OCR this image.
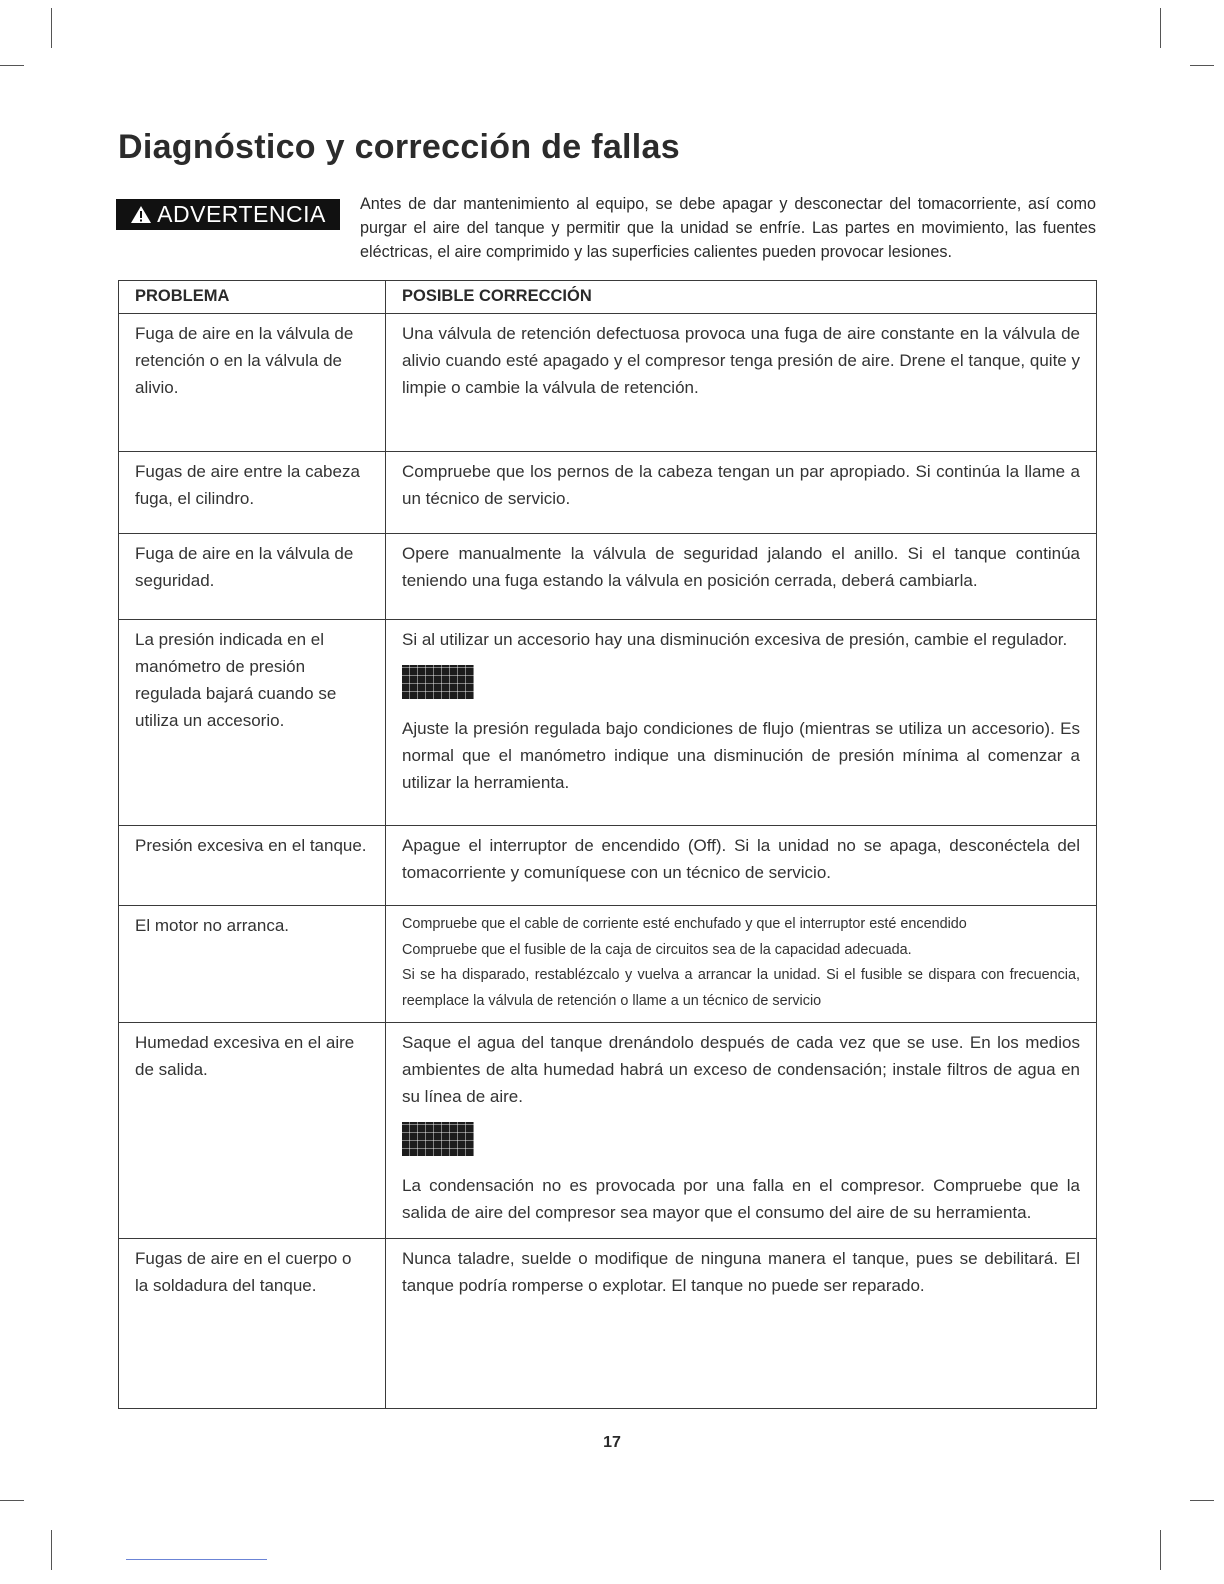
Diagnóstico y corrección de fallas
ADVERTENCIA Antes de dar mantenimiento al equipo, se debe apagar y desconectar del tomacorriente, así como purgar el aire del tanque y permitir que la unidad se enfríe. Las partes en movimiento, las fuentes eléctricas, el aire comprimido y las superficies calientes pueden provocar lesiones.

PROBLEMA	POSIBLE CORRECCIÓN
Fuga de aire en la válvula de retención o en la válvula de alivio.	Una válvula de retención defectuosa provoca una fuga de aire constante en la válvula de alivio cuando esté apagado y el compresor tenga presión de aire. Drene el tanque, quite y limpie o cambie la válvula de retención.
Fugas de aire entre la cabeza fuga, el cilindro.	Compruebe que los pernos de la cabeza tengan un par apropiado. Si continúa la llame a un técnico de servicio.
Fuga de aire en la válvula de seguridad.	Opere manualmente la válvula de seguridad jalando el anillo. Si el tanque continúa teniendo una fuga estando la válvula en posición cerrada, deberá cambiarla.
La presión indicada en el manómetro de presión regulada bajará cuando se utiliza un accesorio.	Si al utilizar un accesorio hay una disminución excesiva de presión, cambie el regulador.

Ajuste la presión regulada bajo condiciones de flujo (mientras se utiliza un accesorio). Es normal que el manómetro indique una disminución de presión mínima al comenzar a utilizar la herramienta.

Presión excesiva en el tanque.	Apague el interruptor de encendido (Off). Si la unidad no se apaga, desconéctela del tomacorriente y comuníquese con un técnico de servicio.
El motor no arranca.	Compruebe que el cable de corriente esté enchufado y que el interruptor esté encendido

Compruebe que el fusible de la caja de circuitos sea de la capacidad adecuada.

Si se ha disparado, restablézcalo y vuelva a arrancar la unidad. Si el fusible se dispara con frecuencia, reemplace la válvula de retención o llame a un técnico de servicio

Humedad excesiva en el aire de salida.	Saque el agua del tanque drenándolo después de cada vez que se use. En los medios ambientes de alta humedad habrá un exceso de condensación; instale filtros de agua en su línea de aire.

La condensación no es provocada por una falla en el compresor. Compruebe que la salida de aire del compresor sea mayor que el consumo del aire de su herramienta.

Fugas de aire en el cuerpo o la soldadura del tanque.	Nunca taladre, suelde o modifique de ninguna manera el tanque, pues se debilitará. El tanque podría romperse o explotar. El tanque no puede ser reparado.
17
